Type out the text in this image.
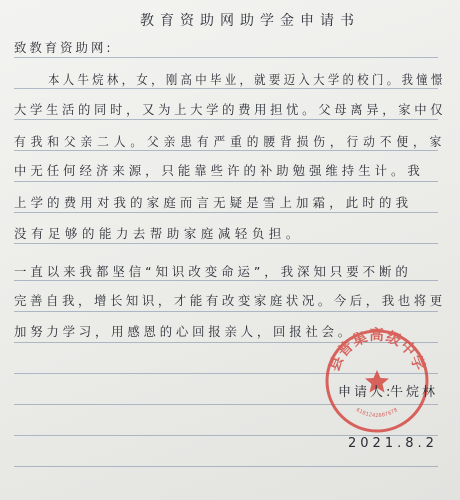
教育资助网助学金申请书
致教育资助网:
本人牛烷林，女，刚高中毕业，就要迈入大学的校门。我憧憬
大学生活的同时，又为上大学的费用担忧。父母离异，家中仅
有我和父亲二人。父亲患有严重的腰背损伤，行动不便，家
中无任何经济来源，只能靠些许的补助勉强维持生计。我
上学的费用对我的家庭而言无疑是雪上加霜，此时的我
没有足够的能力去帮助家庭减轻负担。
一直以来我都坚信“知识改变命运”，我深知只要不断的
完善自我，增长知识，才能有改变家庭状况。今后，我也将更
加努力学习，用感恩的心回报亲人，回报社会。
县普集高级中学
6101242007678
申请人:
牛烷林
2021.8.2
